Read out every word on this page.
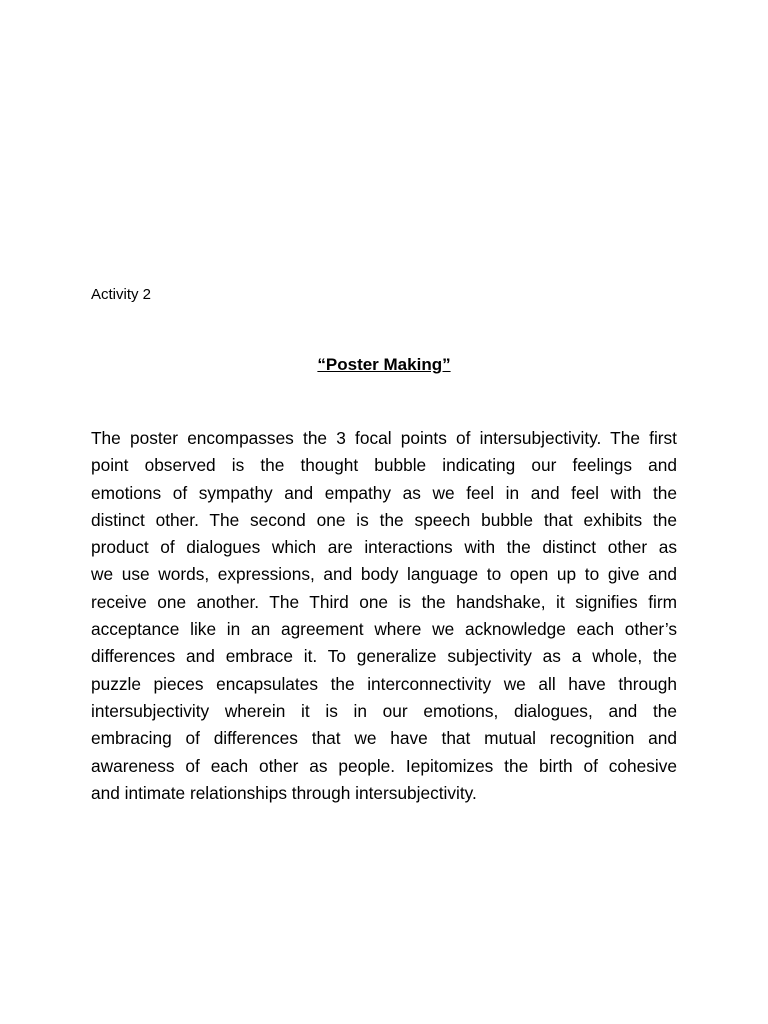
Activity 2

“Poster Making”
The poster encompasses the 3 focal points of intersubjectivity. The first
point observed is the thought bubble indicating our feelings and
emotions of sympathy and empathy as we feel in and feel with the
distinct other. The second one is the speech bubble that exhibits the
product of dialogues which are interactions with the distinct other as
we use words, expressions, and body language to open up to give and
receive one another. The Third one is the handshake, it signifies firm
acceptance like in an agreement where we acknowledge each other’s
differences and embrace it. To generalize subjectivity as a whole, the
puzzle pieces encapsulates the interconnectivity we all have through
intersubjectivity wherein it is in our emotions, dialogues, and the
embracing of differences that we have that mutual recognition and
awareness of each other as people. Iepitomizes the birth of cohesive
and intimate relationships through intersubjectivity.
